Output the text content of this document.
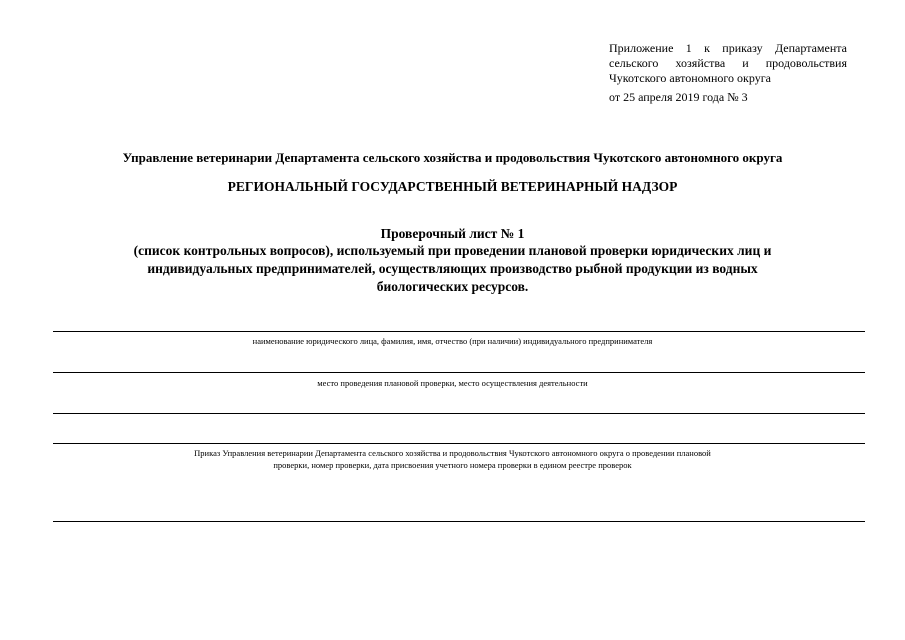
Приложение 1 к приказу Департамента
сельского хозяйства и продовольствия
Чукотского автономного округа
от 25 апреля 2019 года № 3
Управление ветеринарии Департамента сельского хозяйства и продовольствия Чукотского автономного округа
РЕГИОНАЛЬНЫЙ ГОСУДАРСТВЕННЫЙ ВЕТЕРИНАРНЫЙ НАДЗОР
Проверочный лист № 1
(список контрольных вопросов), используемый при проведении плановой проверки юридических лиц и
индивидуальных предпринимателей, осуществляющих производство рыбной продукции из водных
биологических ресурсов.
наименование юридического лица, фамилия, имя, отчество (при наличии) индивидуального предпринимателя
место проведения плановой проверки, место осуществления деятельности
Приказ Управления ветеринарии Департамента сельского хозяйства и продовольствия Чукотского автономного округа о проведении плановой
проверки, номер проверки, дата присвоения учетного номера проверки в едином реестре проверок
